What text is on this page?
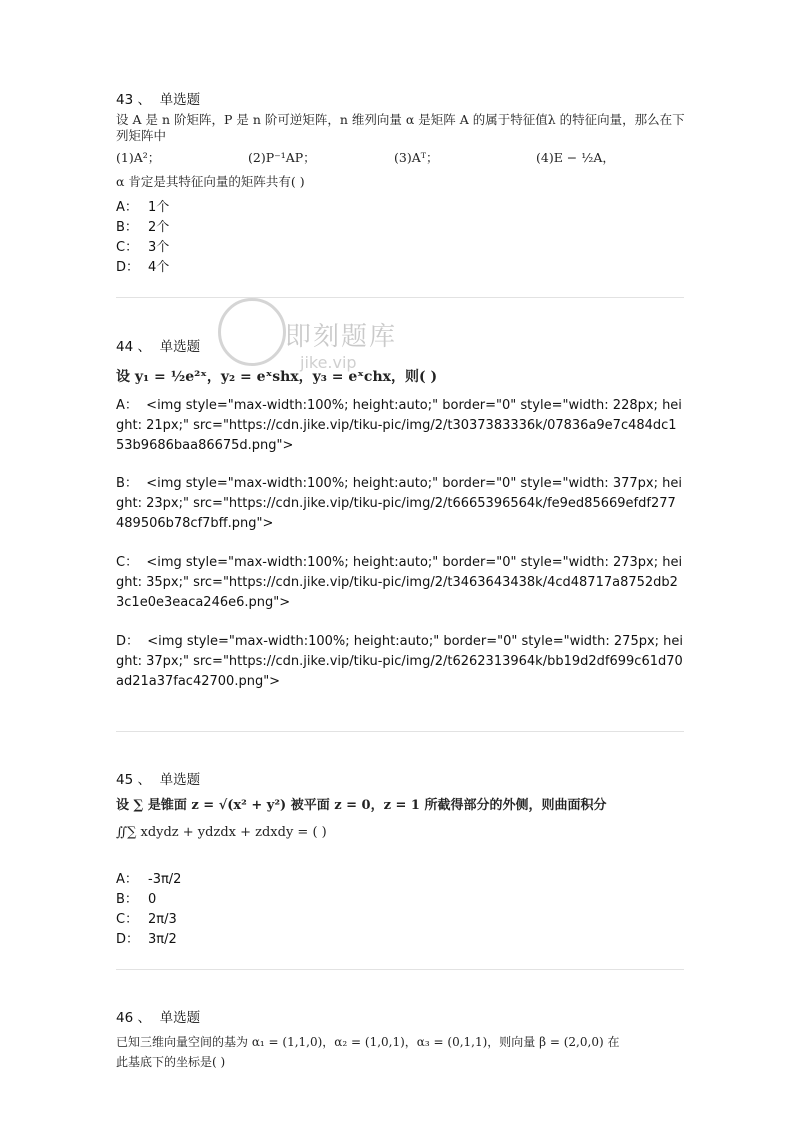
43 、 单选题
设 A 是 n 阶矩阵，P 是 n 阶可逆矩阵，n 维列向量 α 是矩阵 A 的属于特征值λ 的特征向量，那么在下
列矩阵中
(1)A²；	(2)P⁻¹AP；	(3)Aᵀ；	(4)E − ½A，
α 肯定是其特征向量的矩阵共有( )
A： 1个
B： 2个
C： 3个
D： 4个
44 、 单选题
设 y₁ = ½e²ˣ，y₂ = eˣshx，y₃ = eˣchx，则( )
A： <img style="max-width:100%; height:auto;" border="0" style="width: 228px; height: 21px;" src="https://cdn.jike.vip/tiku-pic/img/2/t3037383336k/07836a9e7c484dc153b9686baa86675d.png">
B： <img style="max-width:100%; height:auto;" border="0" style="width: 377px; height: 23px;" src="https://cdn.jike.vip/tiku-pic/img/2/t6665396564k/fe9ed85669efdf277489506b78cf7bff.png">
C： <img style="max-width:100%; height:auto;" border="0" style="width: 273px; height: 35px;" src="https://cdn.jike.vip/tiku-pic/img/2/t3463643438k/4cd48717a8752db23c1e0e3eaca246e6.png">
D： <img style="max-width:100%; height:auto;" border="0" style="width: 275px; height: 37px;" src="https://cdn.jike.vip/tiku-pic/img/2/t6262313964k/bb19d2df699c61d70ad21a37fac42700.png">
45 、 单选题
设 ∑ 是锥面 z = √(x² + y²) 被平面 z = 0，z = 1 所截得部分的外侧，则曲面积分
∬∑ xdydz + ydzdx + zdxdy = ( )
A： -3π/2
B： 0
C： 2π/3
D： 3π/2
46 、 单选题
已知三维向量空间的基为 α₁ = (1,1,0)，α₂ = (1,0,1)，α₃ = (0,1,1)，则向量 β = (2,0,0) 在
此基底下的坐标是( )
即刻题库
jike.vip
